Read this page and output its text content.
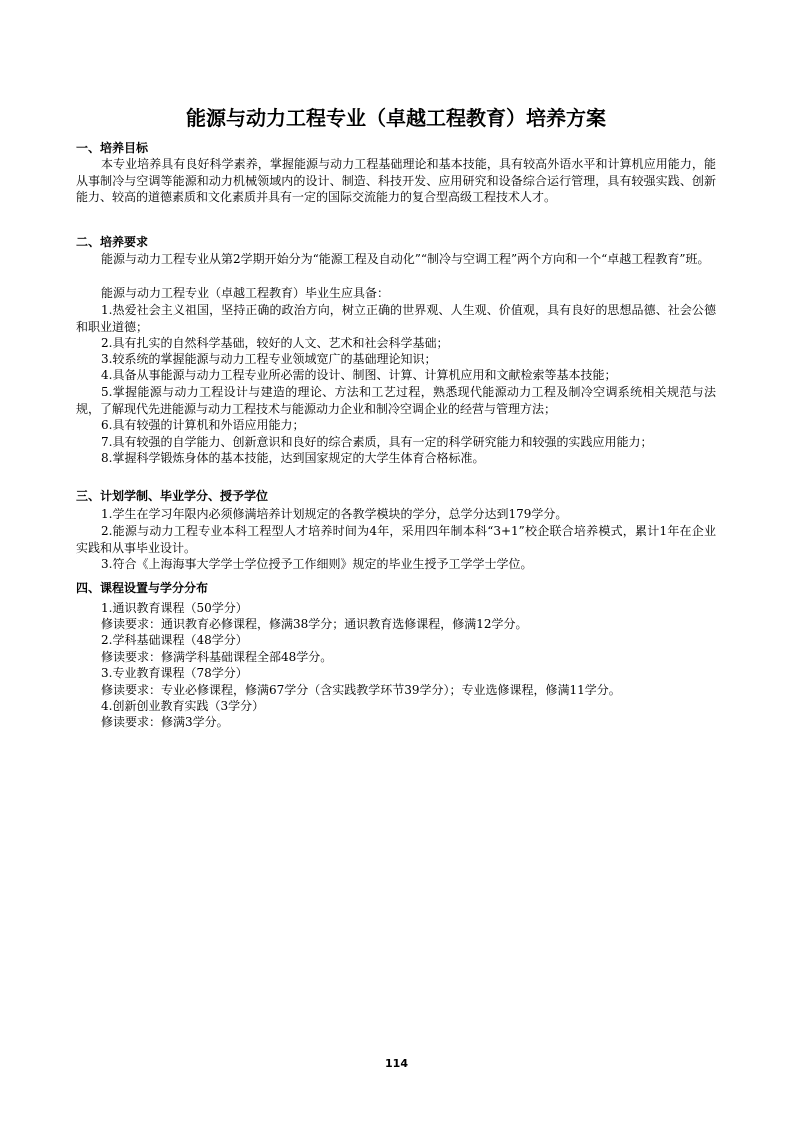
能源与动力工程专业（卓越工程教育）培养方案
一、培养目标

本专业培养具有良好科学素养，掌握能源与动力工程基础理论和基本技能，具有较高外语水平和计算机应用能力，能从事制冷与空调等能源和动力机械领域内的设计、制造、科技开发、应用研究和设备综合运行管理，具有较强实践、创新能力、较高的道德素质和文化素质并具有一定的国际交流能力的复合型高级工程技术人才。

二、培养要求

能源与动力工程专业从第2学期开始分为“能源工程及自动化”“制冷与空调工程”两个方向和一个“卓越工程教育”班。

能源与动力工程专业（卓越工程教育）毕业生应具备：

1.热爱社会主义祖国，坚持正确的政治方向，树立正确的世界观、人生观、价值观，具有良好的思想品德、社会公德和职业道德；

2.具有扎实的自然科学基础，较好的人文、艺术和社会科学基础；

3.较系统的掌握能源与动力工程专业领域宽广的基础理论知识；

4.具备从事能源与动力工程专业所必需的设计、制图、计算、计算机应用和文献检索等基本技能；

5.掌握能源与动力工程设计与建造的理论、方法和工艺过程，熟悉现代能源动力工程及制冷空调系统相关规范与法规，了解现代先进能源与动力工程技术与能源动力企业和制冷空调企业的经营与管理方法；

6.具有较强的计算机和外语应用能力；

7.具有较强的自学能力、创新意识和良好的综合素质，具有一定的科学研究能力和较强的实践应用能力；

8.掌握科学锻炼身体的基本技能，达到国家规定的大学生体育合格标准。

三、计划学制、毕业学分、授予学位

1.学生在学习年限内必须修满培养计划规定的各教学模块的学分，总学分达到179学分。

2.能源与动力工程专业本科工程型人才培养时间为4年，采用四年制本科“3+1”校企联合培养模式，累计1年在企业实践和从事毕业设计。

3.符合《上海海事大学学士学位授予工作细则》规定的毕业生授予工学学士学位。

四、课程设置与学分分布

1.通识教育课程（50学分）

修读要求：通识教育必修课程，修满38学分；通识教育选修课程，修满12学分。

2.学科基础课程（48学分）

修读要求：修满学科基础课程全部48学分。

3.专业教育课程（78学分）

修读要求：专业必修课程，修满67学分（含实践教学环节39学分）；专业选修课程，修满11学分。

4.创新创业教育实践（3学分）

修读要求：修满3学分。

114
